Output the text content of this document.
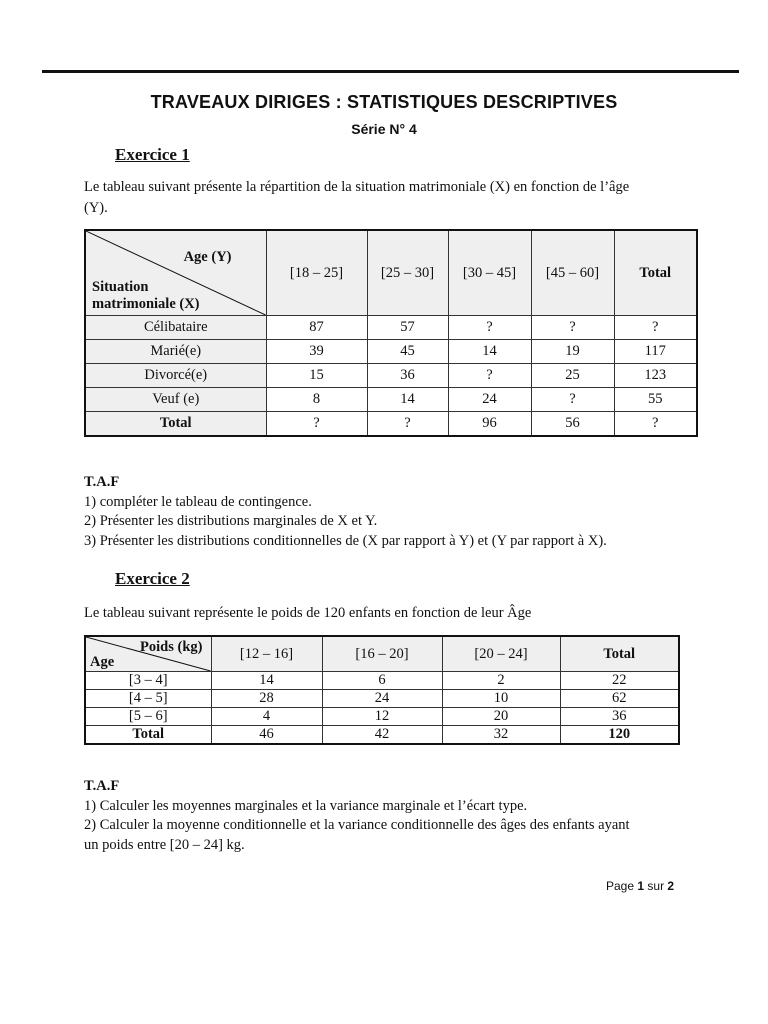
TRAVEAUX DIRIGES : STATISTIQUES DESCRIPTIVES
Série N° 4
Exercice 1
Le tableau suivant présente la répartition de la situation matrimoniale (X) en fonction de l’âge
(Y).
Age (Y)
Situation
matrimoniale (X)	[18 – 25]	[25 – 30]	[30 – 45]	[45 – 60]	Total
Célibataire	87	57	?	?	?
Marié(e)	39	45	14	19	117
Divorcé(e)	15	36	?	25	123
Veuf (e)	8	14	24	?	55
Total	?	?	96	56	?
T.A.F
1) compléter le tableau de contingence.
2) Présenter les distributions marginales de X et Y.
3) Présenter les distributions conditionnelles de (X par rapport à Y) et (Y par rapport à X).
Exercice 2
Le tableau suivant représente le poids de 120 enfants en fonction de leur Âge
Poids (kg)
Age	[12 – 16]	[16 – 20]	[20 – 24]	Total
[3 – 4]	14	6	2	22
[4 – 5]	28	24	10	62
[5 – 6]	4	12	20	36
Total	46	42	32	120
T.A.F
1) Calculer les moyennes marginales et la variance marginale et l’écart type.
2) Calculer la moyenne conditionnelle et la variance conditionnelle des âges des enfants ayant
un poids entre [20 – 24] kg.
Page 1 sur 2
